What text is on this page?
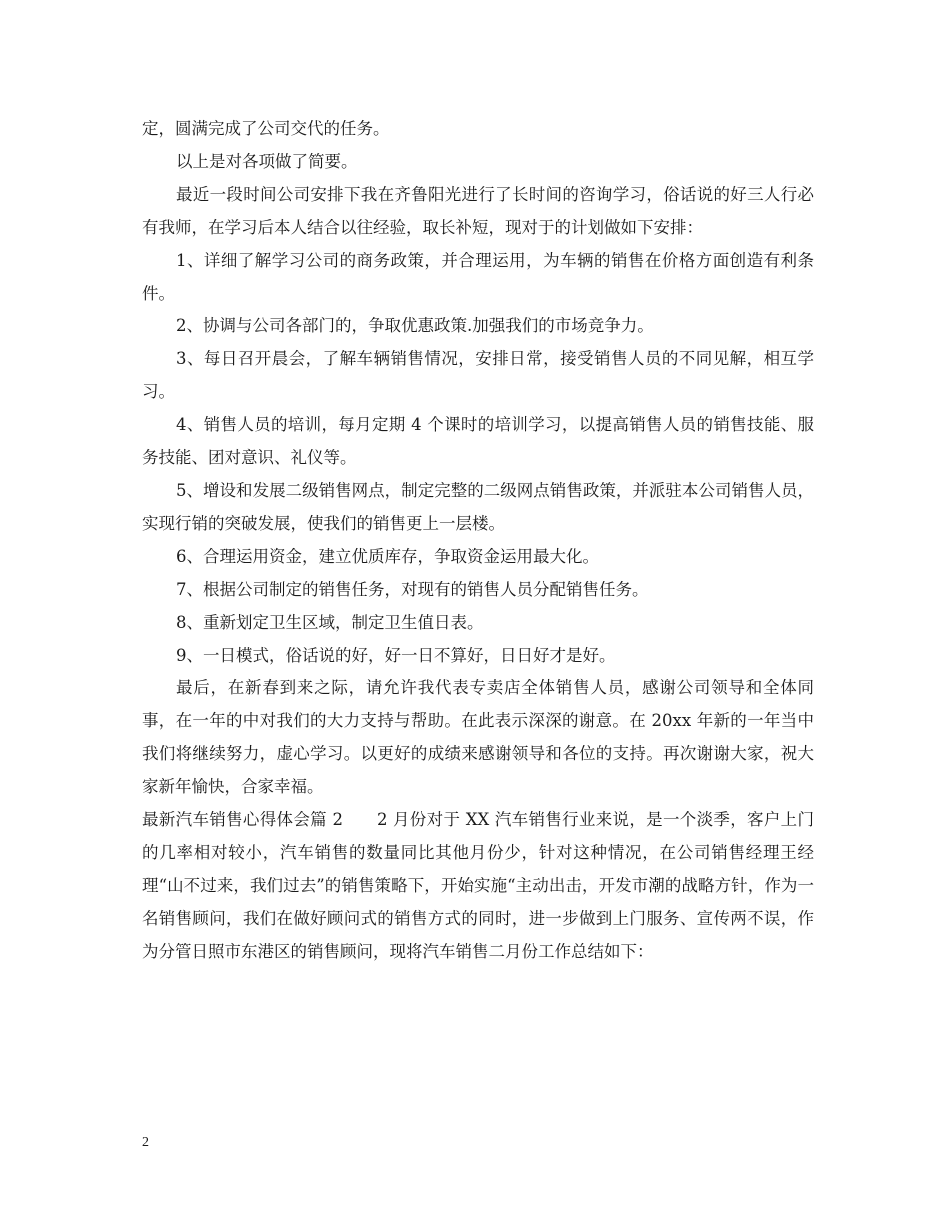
定，圆满完成了公司交代的任务。

以上是对各项做了简要。

最近一段时间公司安排下我在齐鲁阳光进行了长时间的咨询学习，俗话说的好三人行必有我师，在学习后本人结合以往经验，取长补短，现对于的计划做如下安排：

1、详细了解学习公司的商务政策，并合理运用，为车辆的销售在价格方面创造有利条件。

2、协调与公司各部门的，争取优惠政策.加强我们的市场竞争力。

3、每日召开晨会，了解车辆销售情况，安排日常，接受销售人员的不同见解，相互学习。

4、销售人员的培训，每月定期 4 个课时的培训学习，以提高销售人员的销售技能、服务技能、团对意识、礼仪等。

5、增设和发展二级销售网点，制定完整的二级网点销售政策，并派驻本公司销售人员，实现行销的突破发展，使我们的销售更上一层楼。

6、合理运用资金，建立优质库存，争取资金运用最大化。

7、根据公司制定的销售任务，对现有的销售人员分配销售任务。

8、重新划定卫生区域，制定卫生值日表。

9、一日模式，俗话说的好，好一日不算好，日日好才是好。

最后，在新春到来之际，请允许我代表专卖店全体销售人员，感谢公司领导和全体同事，在一年的中对我们的大力支持与帮助。在此表示深深的谢意。在 20xx 年新的一年当中我们将继续努力，虚心学习。以更好的成绩来感谢领导和各位的支持。再次谢谢大家，祝大家新年愉快，合家幸福。

最新汽车销售心得体会篇 2　　2 月份对于 XX 汽车销售行业来说，是一个淡季，客户上门的几率相对较小，汽车销售的数量同比其他月份少，针对这种情况，在公司销售经理王经理“山不过来，我们过去”的销售策略下，开始实施“主动出击，开发市潮的战略方针，作为一名销售顾问，我们在做好顾问式的销售方式的同时，进一步做到上门服务、宣传两不误，作为分管日照市东港区的销售顾问，现将汽车销售二月份工作总结如下：

2
